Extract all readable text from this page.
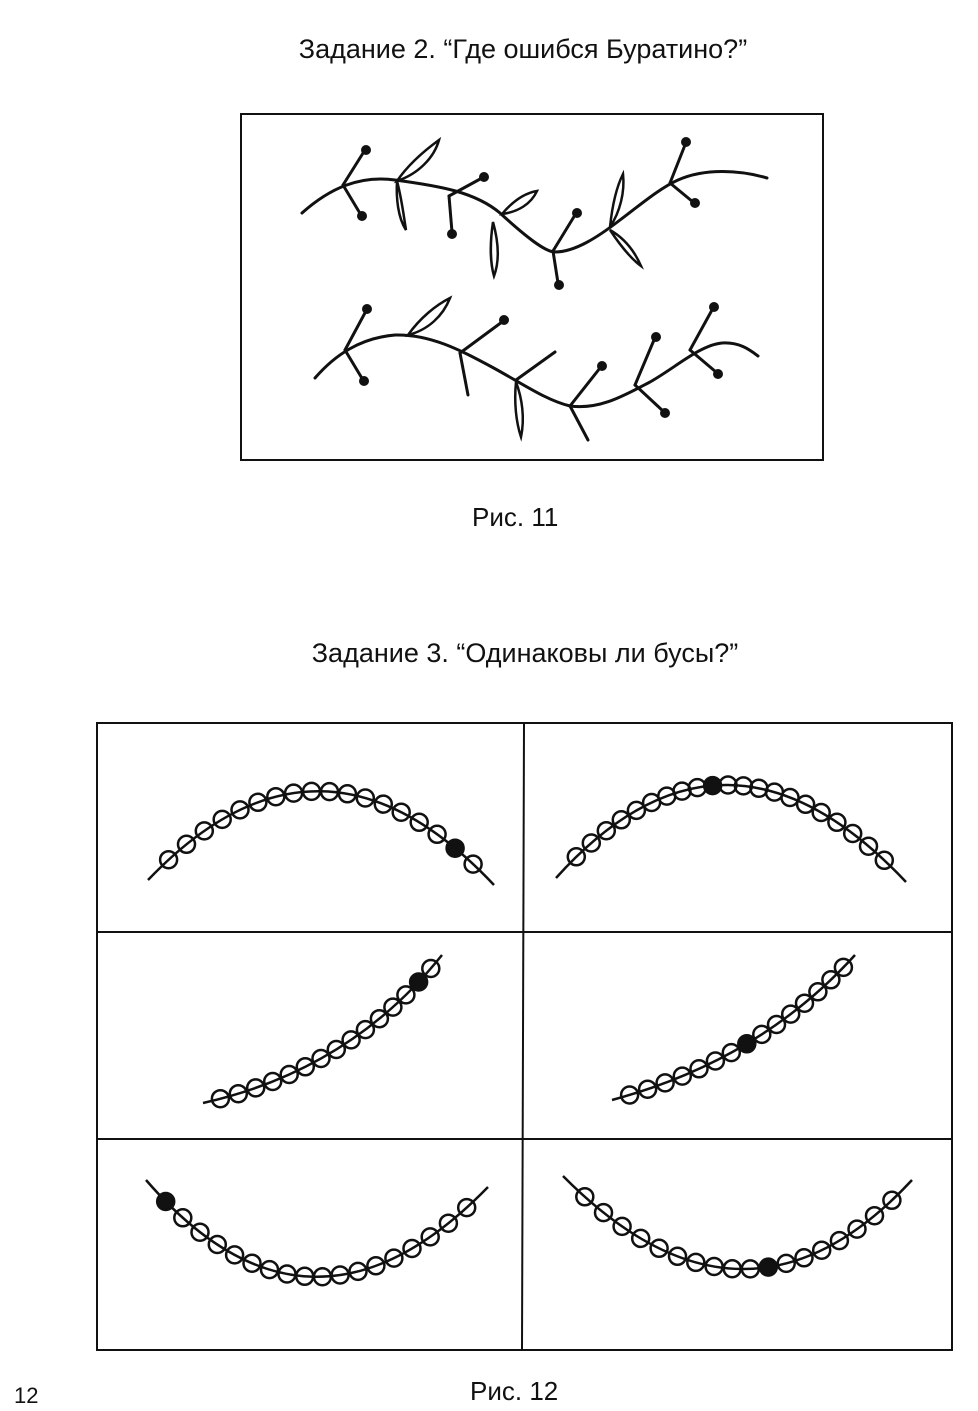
Задание 2. “Где ошибся Буратино?”
Рис. 11
Задание 3. “Одинаковы ли бусы?”
Рис. 12
12
